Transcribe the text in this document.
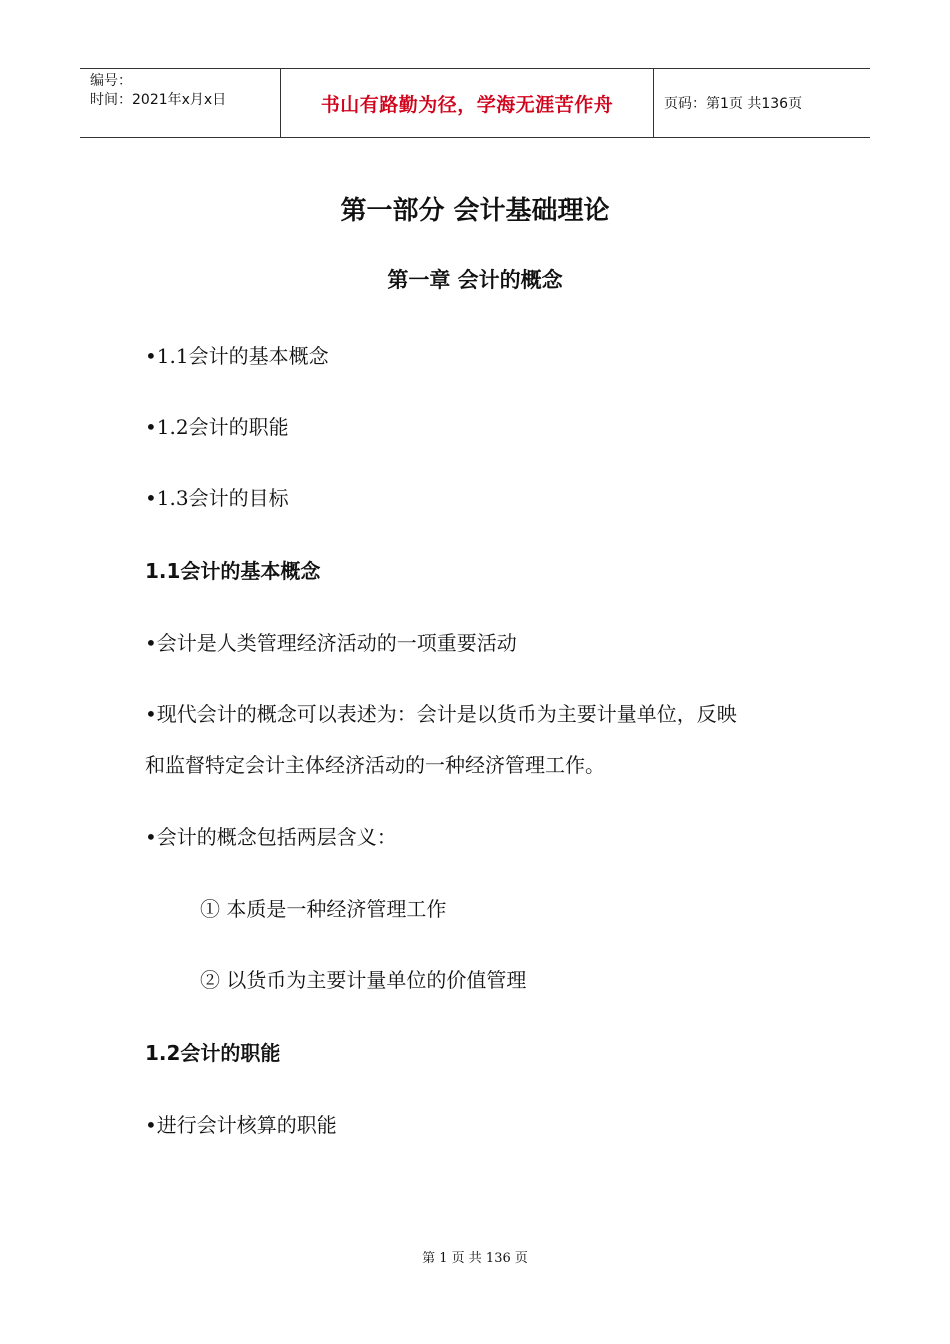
编号：
时间：2021年x月x日	书山有路勤为径，学海无涯苦作舟	页码：第1页 共136页
第一部分 会计基础理论
第一章 会计的概念
•1.1会计的基本概念
•1.2会计的职能
•1.3会计的目标
1.1会计的基本概念
•会计是人类管理经济活动的一项重要活动
•现代会计的概念可以表述为：会计是以货币为主要计量单位，反映
和监督特定会计主体经济活动的一种经济管理工作。
•会计的概念包括两层含义：
① 本质是一种经济管理工作
② 以货币为主要计量单位的价值管理
1.2会计的职能
•进行会计核算的职能
第 1 页 共 136 页
